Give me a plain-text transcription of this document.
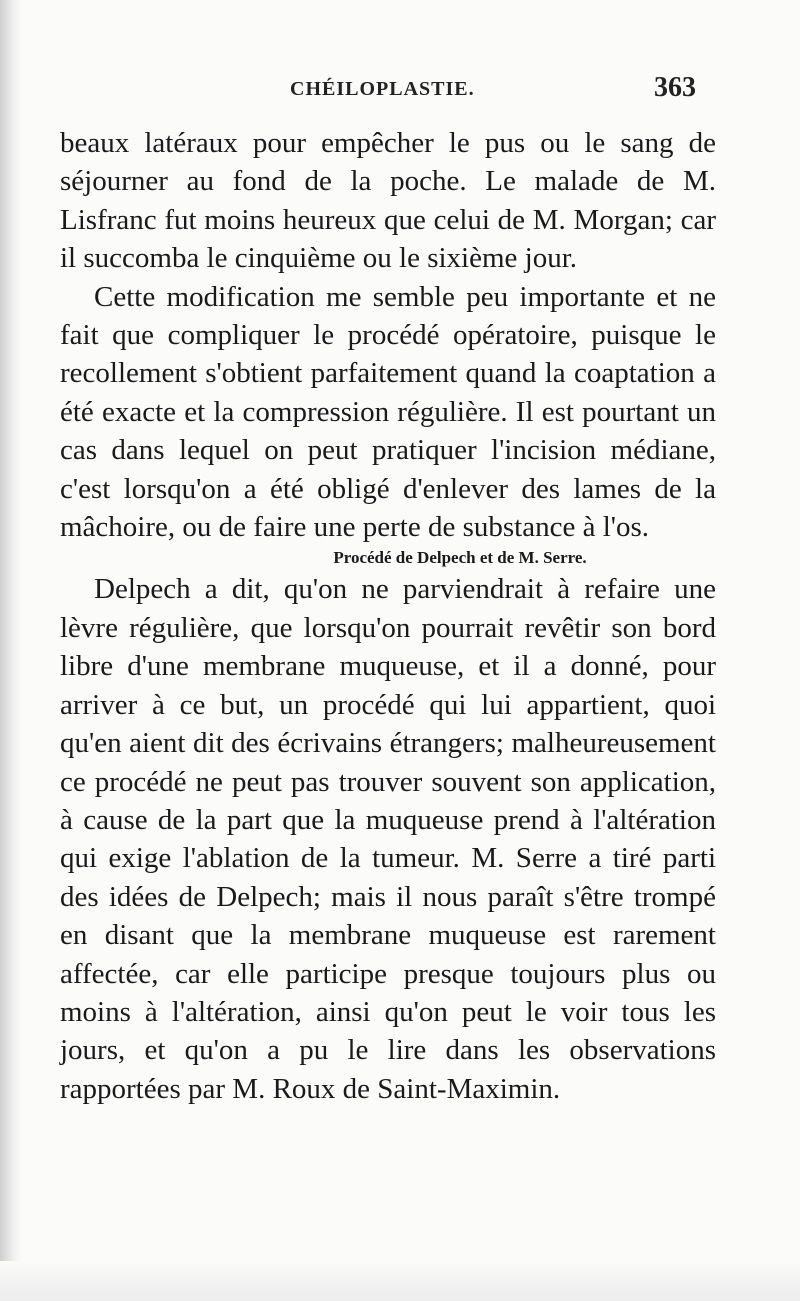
CHÉILOPLASTIE.	363

beaux latéraux pour empêcher le pus ou le sang de séjourner au fond de la poche. Le malade de M. Lisfranc fut moins heureux que celui de M. Morgan; car il succomba le cinquième ou le sixième jour.

Cette modification me semble peu importante et ne fait que compliquer le procédé opératoire, puisque le recollement s'obtient parfaitement quand la coaptation a été exacte et la compression régulière. Il est pourtant un cas dans lequel on peut pratiquer l'incision médiane, c'est lorsqu'on a été obligé d'enlever des lames de la mâchoire, ou de faire une perte de substance à l'os.

Procédé de Delpech et de M. Serre.

Delpech a dit, qu'on ne parviendrait à refaire une lèvre régulière, que lorsqu'on pourrait revêtir son bord libre d'une membrane muqueuse, et il a donné, pour arriver à ce but, un procédé qui lui appartient, quoi qu'en aient dit des écrivains étrangers; malheureusement ce procédé ne peut pas trouver souvent son application, à cause de la part que la muqueuse prend à l'altération qui exige l'ablation de la tumeur. M. Serre a tiré parti des idées de Delpech; mais il nous paraît s'être trompé en disant que la membrane muqueuse est rarement affectée, car elle participe presque toujours plus ou moins à l'altération, ainsi qu'on peut le voir tous les jours, et qu'on a pu le lire dans les observations rapportées par M. Roux de Saint-Maximin.
